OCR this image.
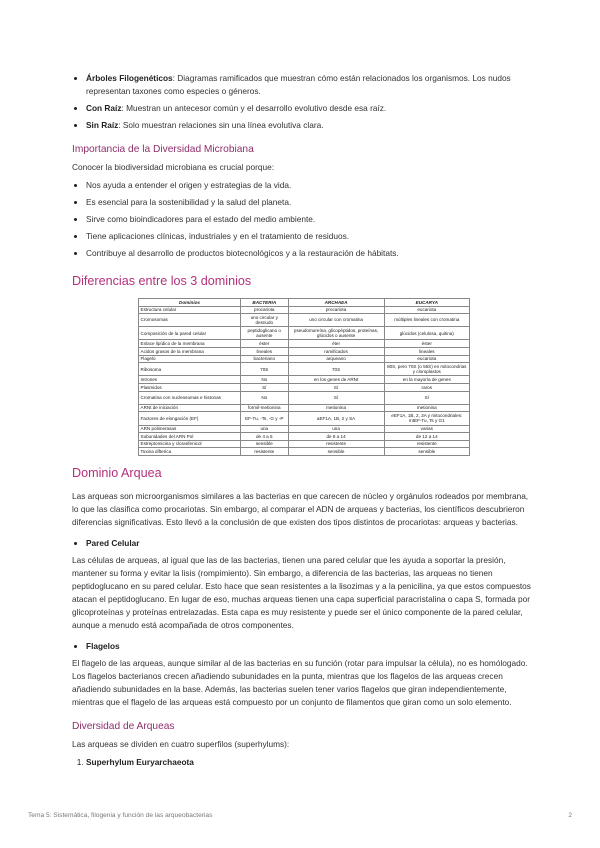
• Árboles Filogenéticos: Diagramas ramificados que muestran cómo están relacionados los organismos. Los nudos representan taxones como especies o géneros.
• Con Raíz: Muestran un antecesor común y el desarrollo evolutivo desde esa raíz.
• Sin Raíz: Solo muestran relaciones sin una línea evolutiva clara.
Importancia de la Diversidad Microbiana

Conocer la biodiversidad microbiana es crucial porque:

• Nos ayuda a entender el origen y estrategias de la vida.
• Es esencial para la sostenibilidad y la salud del planeta.
• Sirve como bioindicadores para el estado del medio ambiente.
• Tiene aplicaciones clínicas, industriales y en el tratamiento de residuos.
• Contribuye al desarrollo de productos biotecnológicos y a la restauración de hábitats.
Diferencias entre los 3 dominios
Dominios	BACTERIA	ARCHAEA	EUCARYA
Estructura celular	procariota	procariota	eucariota
Cromosomas	uno circular y desnudo	uno circular con cromatina	múltiples lineales con cromatina
Composición de la pared celular	peptidoglicano o ausente	pseudomureína, glicopéptidos, proteínas, glúcidos o ausente	glúcidos (celulosa, quitina)
Enlace lipídico de la membrana	éster	éter	éster
Acidos grasos de la membrana	lineales	ramificados	lineales
Flagelo	bacteriano	arqueano	eucariota
Ribosoma	70S	70S	80S, pero 70S (o 55S) en mitocondrias y cloroplastos
Intrones	No	en los genes de ARNt	en la mayoría de genes
Plasmidos	Sí	Sí	raros
Cromatina con nucleosomas e histonas	No	Sí	Sí
ARNt de iniciación	formil-metionina	metionina	metionina
Factores de elongación (EF)	EF-Tu, -Ts, -G y -P	aEF1A, 1B, 2 y SA	eEF1A, 1B, 2, 3A y mitocondriales: mtEF-Tu, Ts y G1
ARN polimerasas	una	una	varias
Subunidades del ARN Pol	de 4 a 5	de 8 a 14	de 12 a 14
Estreptomicina y cloranfenicol	sensible	resistente	resistente
Toxina difterica	resistente	sensible	sensible
Dominio Arquea

Las arqueas son microorganismos similares a las bacterias en que carecen de núcleo y orgánulos rodeados por membrana, lo que las clasifica como procariotas. Sin embargo, al comparar el ADN de arqueas y bacterias, los científicos descubrieron diferencias significativas. Esto llevó a la conclusión de que existen dos tipos distintos de procariotas: arqueas y bacterias.

• Pared Celular

Las células de arqueas, al igual que las de las bacterias, tienen una pared celular que les ayuda a soportar la presión, mantener su forma y evitar la lisis (rompimiento). Sin embargo, a diferencia de las bacterias, las arqueas no tienen peptidoglucano en su pared celular. Esto hace que sean resistentes a la lisozimas y a la penicilina, ya que estos compuestos atacan el peptidoglucano. En lugar de eso, muchas arqueas tienen una capa superficial paracristalina o capa S, formada por glicoproteínas y proteínas entrelazadas. Esta capa es muy resistente y puede ser el único componente de la pared celular, aunque a menudo está acompañada de otros componentes.

• Flagelos

El flagelo de las arqueas, aunque similar al de las bacterias en su función (rotar para impulsar la célula), no es homólogado. Los flagelos bacterianos crecen añadiendo subunidades en la punta, mientras que los flagelos de las arqueas crecen añadiendo subunidades en la base. Además, las bacterias suelen tener varios flagelos que giran independientemente, mientras que el flagelo de las arqueas está compuesto por un conjunto de filamentos que giran como un solo elemento.

Diversidad de Arqueas

Las arqueas se dividen en cuatro superfilos (superhylums):

1. Superhylum Euryarchaeota
Tema 5: Sistemática, filogenia y función de las arqueobacterias	2
